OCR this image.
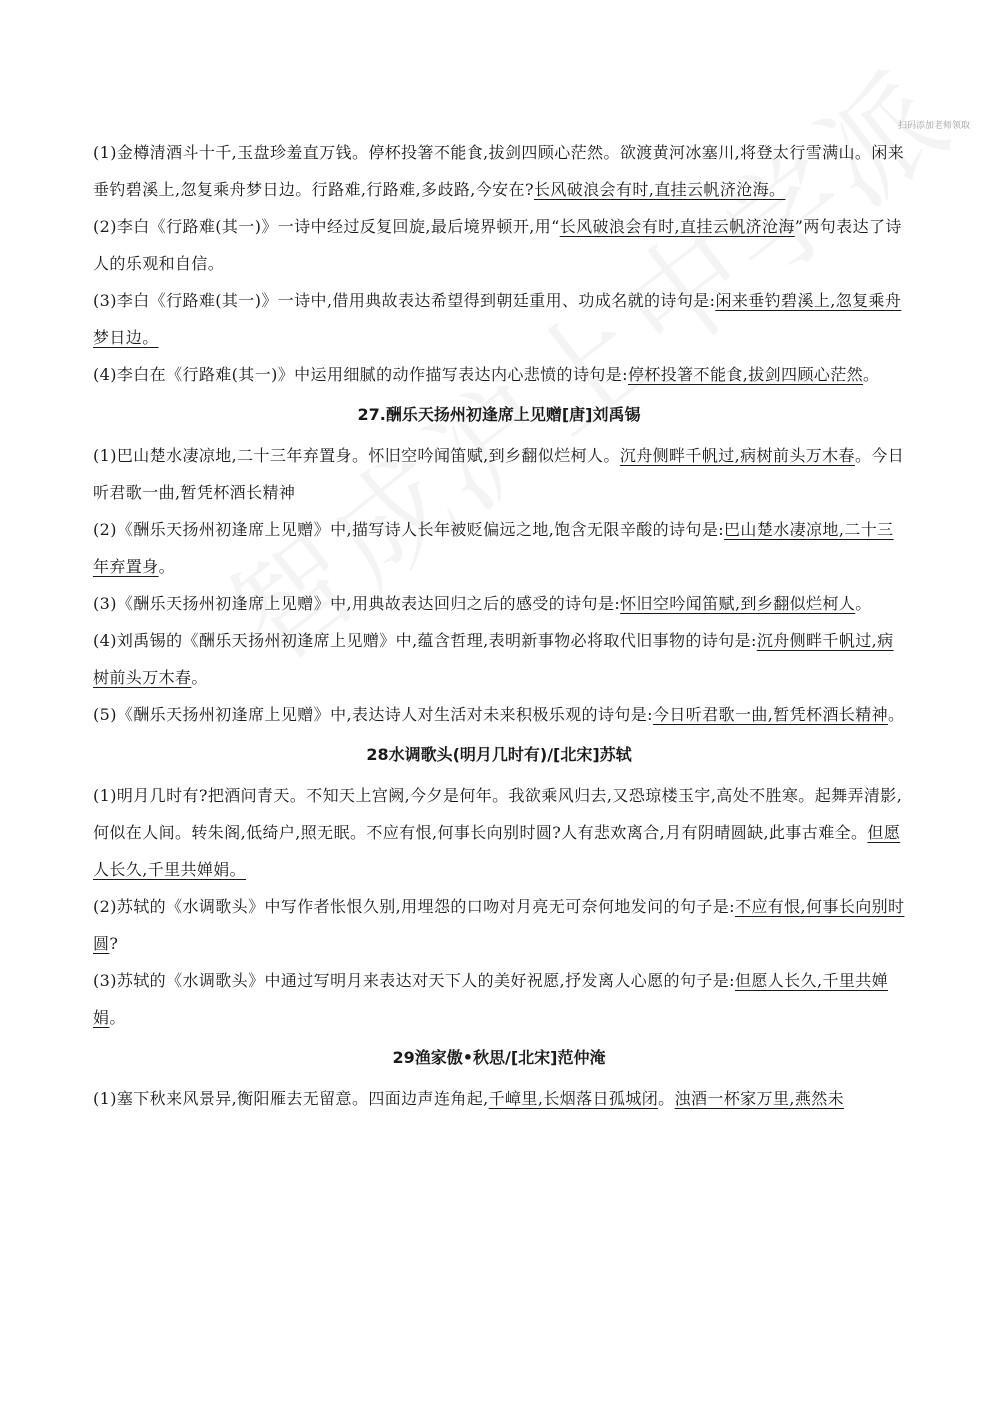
扫码添加老师领取

(1)金樽清酒斗十千,玉盘珍羞直万钱。停杯投箸不能食,拔剑四顾心茫然。欲渡黄河冰塞川,将登太行雪满山。闲来垂钓碧溪上,忽复乘舟梦日边。行路难,行路难,多歧路,今安在?长风破浪会有时,直挂云帆济沧海。

(2)李白《行路难(其一)》一诗中经过反复回旋,最后境界顿开,用“长风破浪会有时,直挂云帆济沧海”两句表达了诗人的乐观和自信。

(3)李白《行路难(其一)》一诗中,借用典故表达希望得到朝廷重用、功成名就的诗句是:闲来垂钓碧溪上,忽复乘舟梦日边。

(4)李白在《行路难(其一)》中运用细腻的动作描写表达内心悲愤的诗句是:停杯投箸不能食,拔剑四顾心茫然。

27.酬乐天扬州初逢席上见赠[唐]刘禹锡

(1)巴山楚水凄凉地,二十三年弃置身。怀旧空吟闻笛赋,到乡翻似烂柯人。沉舟侧畔千帆过,病树前头万木春。今日听君歌一曲,暂凭杯酒长精神

(2)《酬乐天扬州初逢席上见赠》中,描写诗人长年被贬偏远之地,饱含无限辛酸的诗句是:巴山楚水凄凉地,二十三年弃置身。

(3)《酬乐天扬州初逢席上见赠》中,用典故表达回归之后的感受的诗句是:怀旧空吟闻笛赋,到乡翻似烂柯人。

(4)刘禹锡的《酬乐天扬州初逢席上见赠》中,蕴含哲理,表明新事物必将取代旧事物的诗句是:沉舟侧畔千帆过,病树前头万木春。

(5)《酬乐天扬州初逢席上见赠》中,表达诗人对生活对未来积极乐观的诗句是:今日听君歌一曲,暂凭杯酒长精神。

28水调歌头(明月几时有)/[北宋]苏轼

(1)明月几时有?把酒问青天。不知天上宫阙,今夕是何年。我欲乘风归去,又恐琼楼玉宇,高处不胜寒。起舞弄清影,何似在人间。转朱阁,低绮户,照无眠。不应有恨,何事长向别时圆?人有悲欢离合,月有阴晴圆缺,此事古难全。但愿人长久,千里共婵娟。

(2)苏轼的《水调歌头》中写作者怅恨久别,用埋怨的口吻对月亮无可奈何地发问的句子是:不应有恨,何事长向别时圆?

(3)苏轼的《水调歌头》中通过写明月来表达对天下人的美好祝愿,抒发离人心愿的句子是:但愿人长久,千里共婵娟。

29渔家傲•秋思/[北宋]范仲淹

(1)塞下秋来风景异,衡阳雁去无留意。四面边声连角起,千嶂里,长烟落日孤城闭。浊酒一杯家万里,燕然未
